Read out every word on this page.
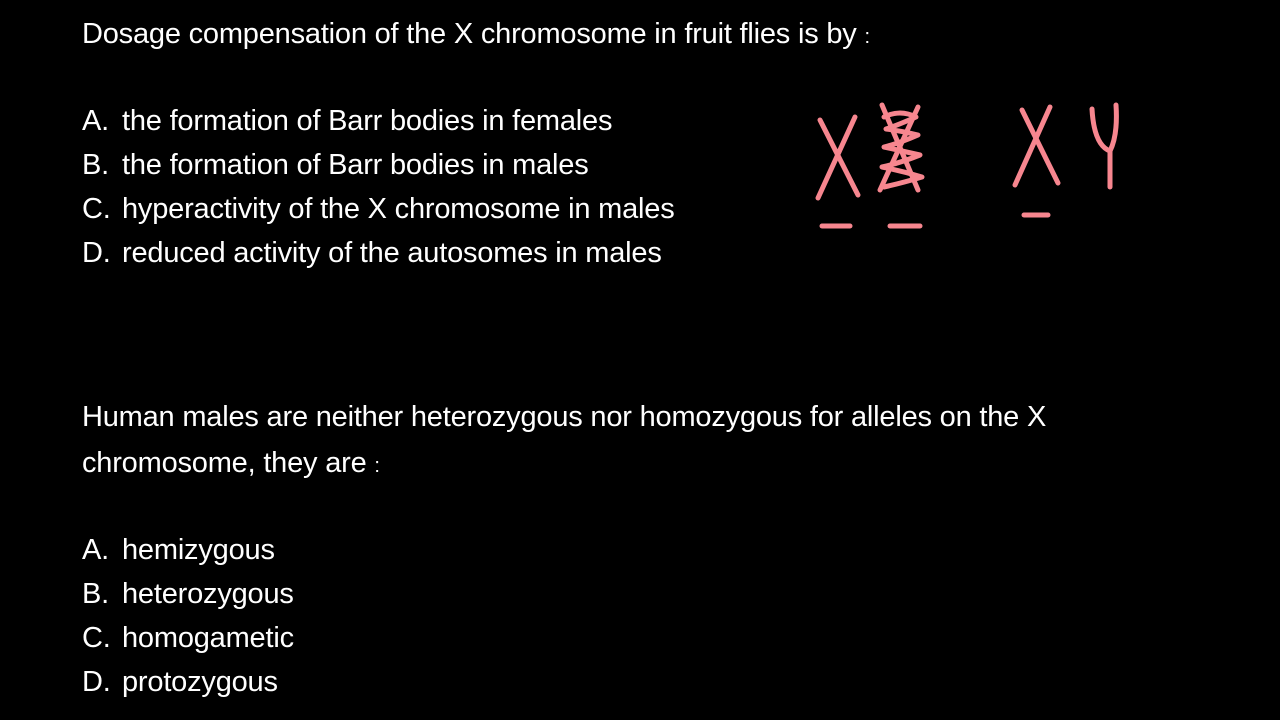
Dosage compensation of the X chromosome in fruit flies is by :
A. the formation of Barr bodies in females
B. the formation of Barr bodies in males
C. hyperactivity of the X chromosome in males
D. reduced activity of the autosomes in males
Human males are neither heterozygous nor homozygous for alleles on the X chromosome, they are :
A. hemizygous
B. heterozygous
C. homogametic
D. protozygous
